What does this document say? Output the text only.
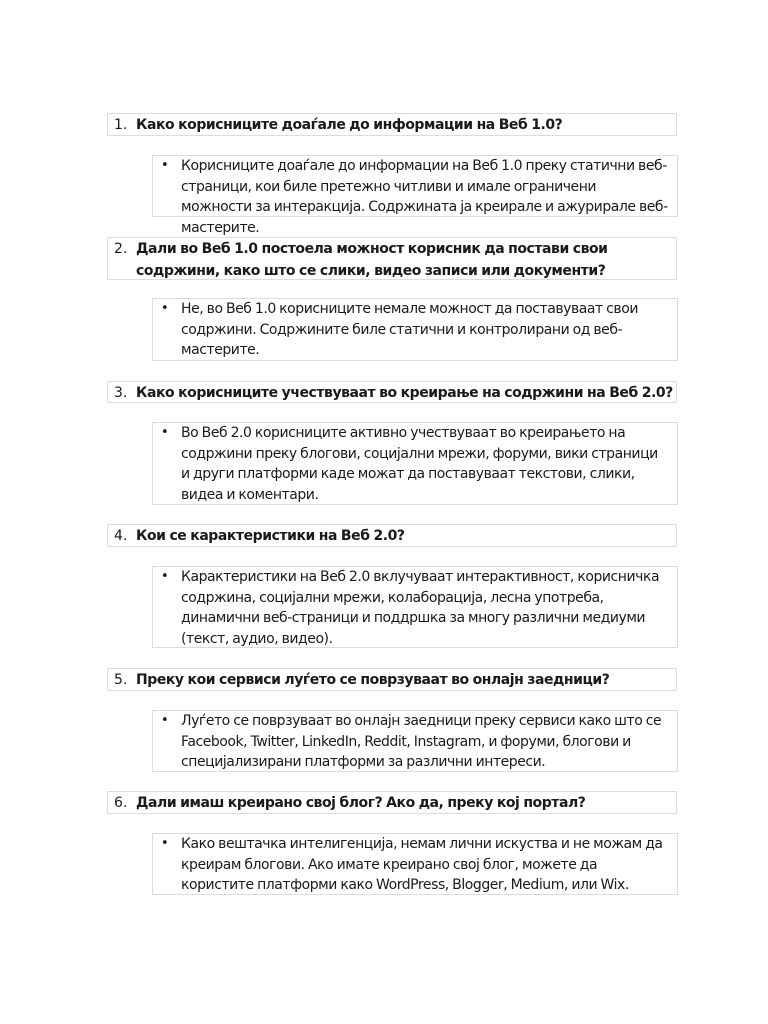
1. Како корисниците доаѓале до информации на Веб 1.0?
• Корисниците доаѓале до информации на Веб 1.0 преку статични веб-страници, кои биле претежно читливи и имале ограничени можности за интеракција. Содржината ја креирале и ажурирале веб-мастерите.
2. Дали во Веб 1.0 постоела можност корисник да постави свои содржини, како што се слики, видео записи или документи?
• Не, во Веб 1.0 корисниците немале можност да поставуваат свои содржини. Содржините биле статични и контролирани од веб-мастерите.
3. Како корисниците учествуваат во креирање на содржини на Веб 2.0?
• Во Веб 2.0 корисниците активно учествуваат во креирањето на содржини преку блогови, социјални мрежи, форуми, вики страници и други платформи каде можат да поставуваат текстови, слики, видеа и коментари.
4. Кои се карактеристики на Веб 2.0?
• Карактеристики на Веб 2.0 вклучуваат интерактивност, корисничка содржина, социјални мрежи, колаборација, лесна употреба, динамични веб-страници и поддршка за многу различни медиуми (текст, аудио, видео).
5. Преку кои сервиси луѓето се поврзуваат во онлајн заедници?
• Луѓето се поврзуваат во онлајн заедници преку сервиси како што се Facebook, Twitter, LinkedIn, Reddit, Instagram, и форуми, блогови и специјализирани платформи за различни интереси.
6. Дали имаш креирано свој блог? Ако да, преку кој портал?
• Како вештачка интелигенција, немам лични искуства и не можам да креирам блогови. Ако имате креирано свој блог, можете да користите платформи како WordPress, Blogger, Medium, или Wix.
